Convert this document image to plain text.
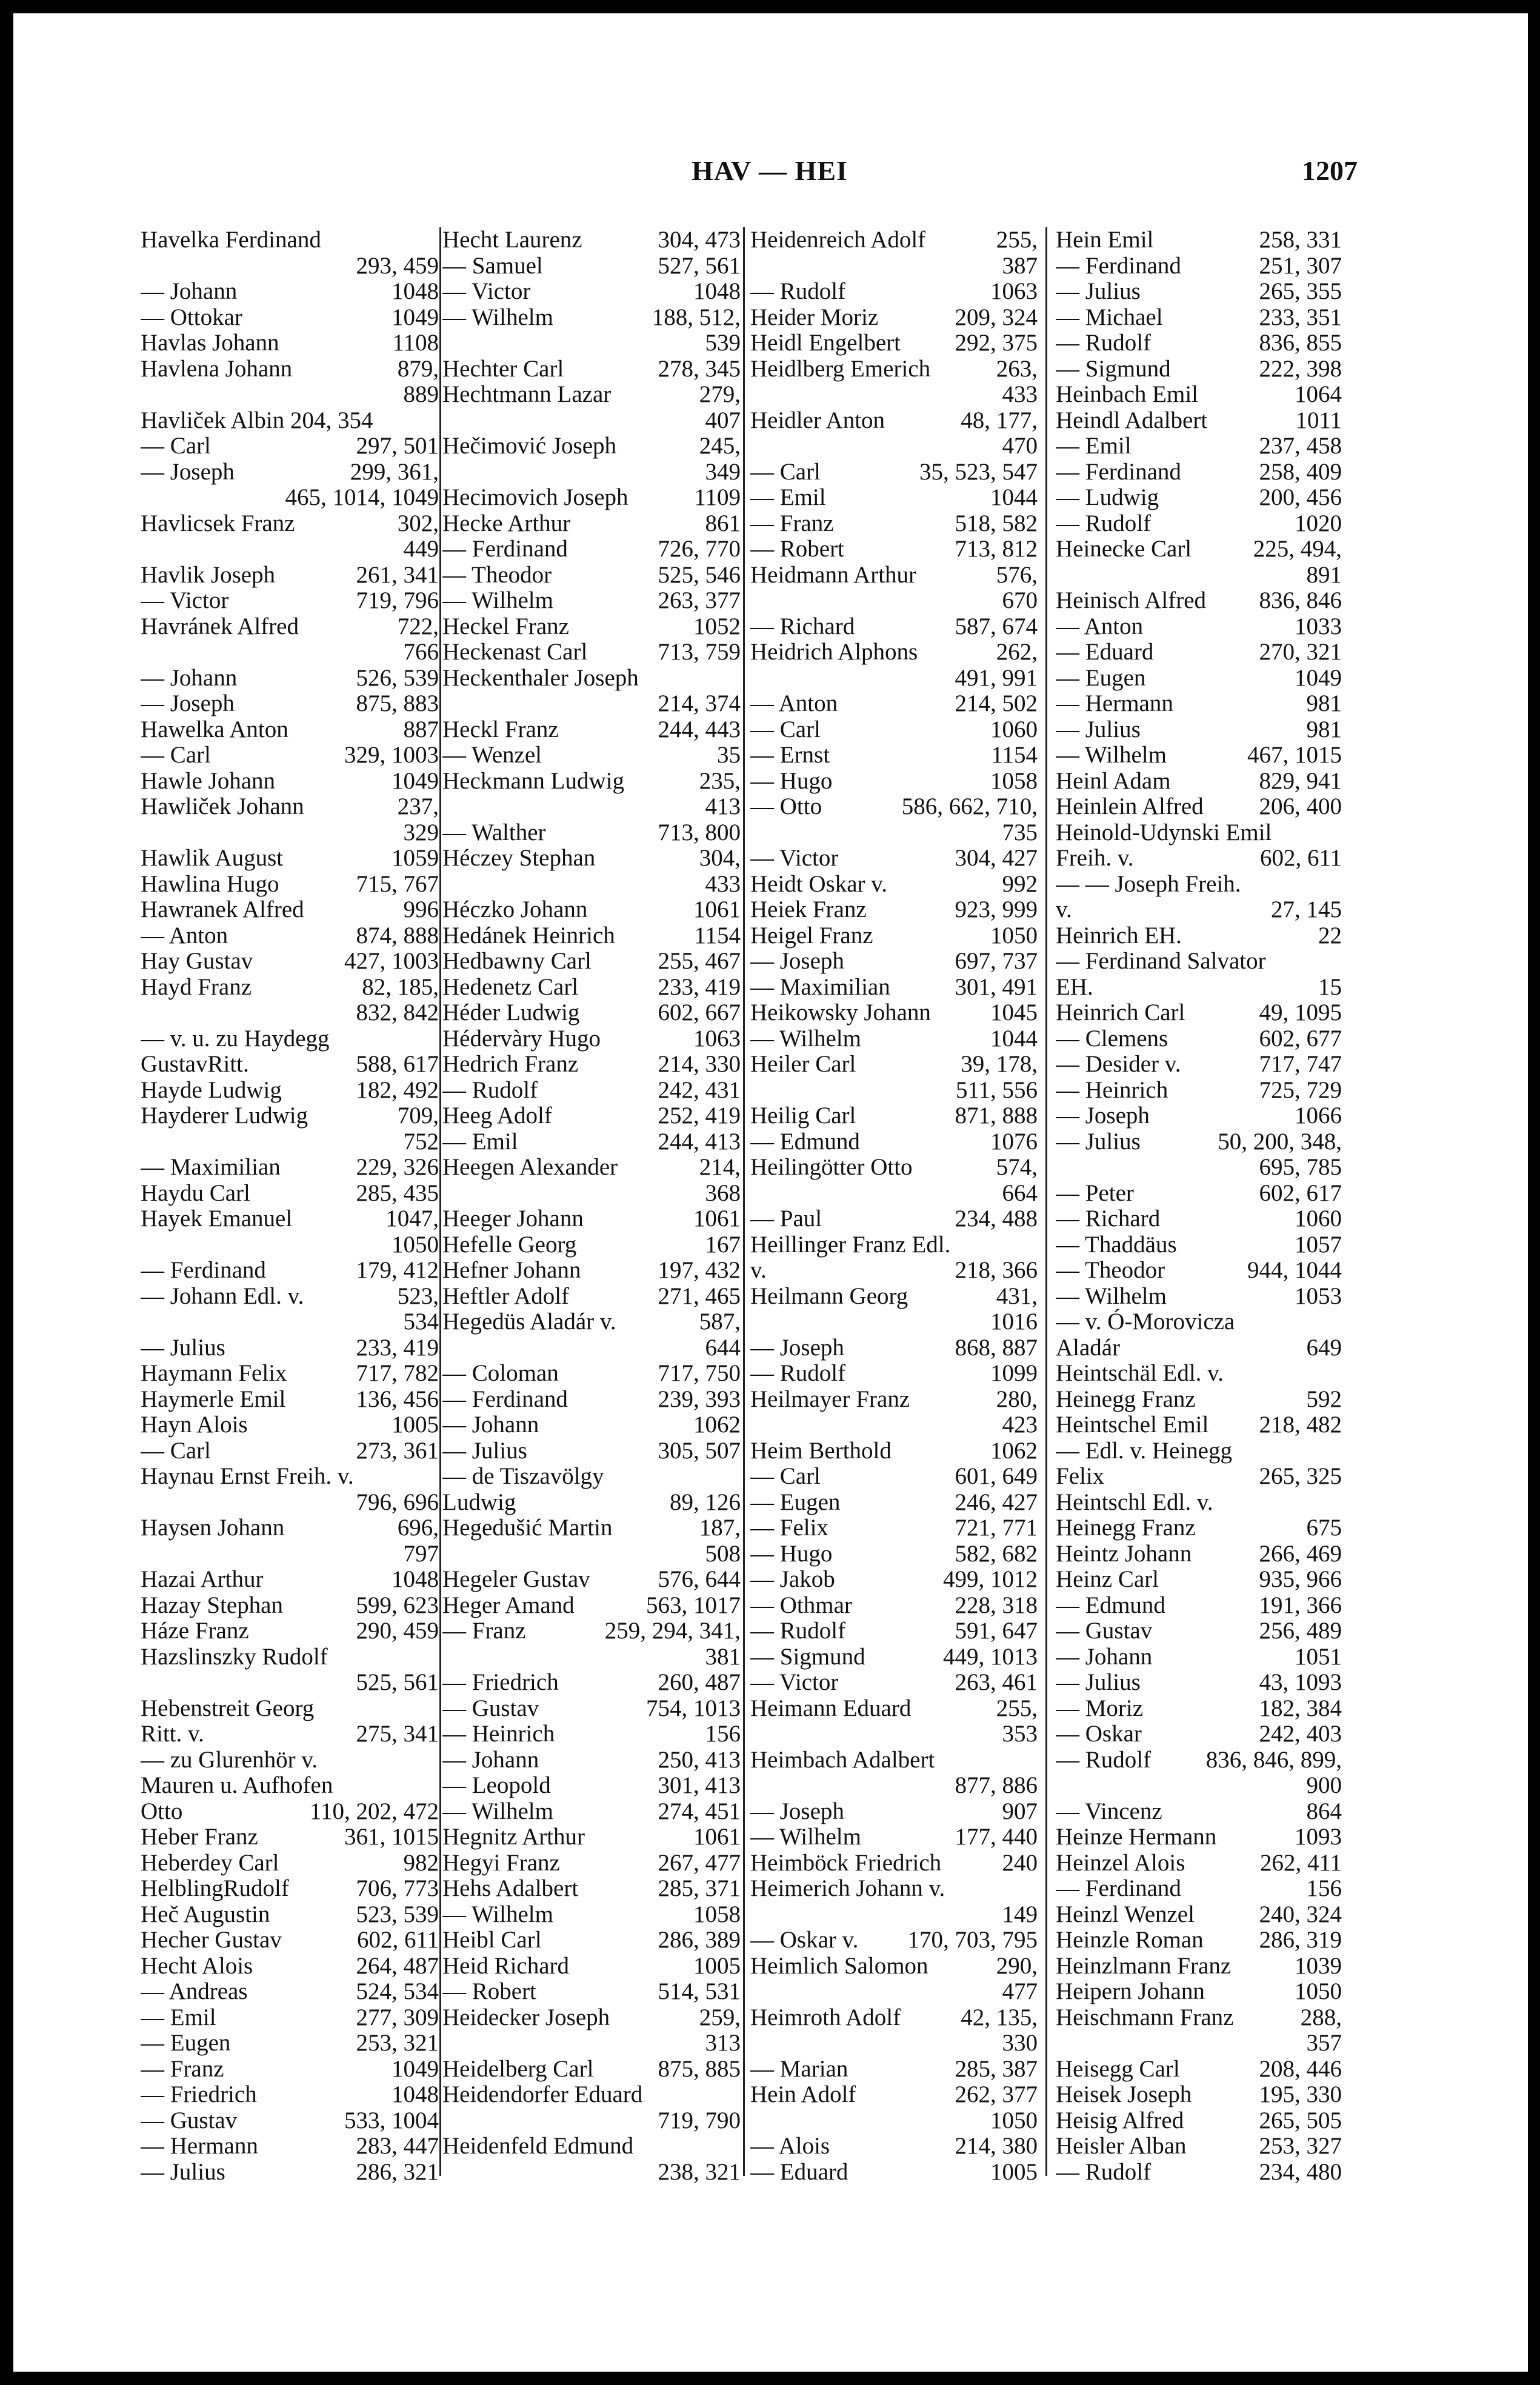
HAV — HEI	1207
Havelka Ferdinand
293, 459
— Johann	1048
— Ottokar	1049
Havlas Johann	1108
Havlena Johann	879,
889
Havliček Albin 204, 354
— Carl	297, 501
— Joseph	299, 361,
465, 1014, 1049
Havlicsek Franz	302,
449
Havlik Joseph	261, 341
— Victor	719, 796
Havránek Alfred	722,
766
— Johann	526, 539
— Joseph	875, 883
Hawelka Anton	887
— Carl	329, 1003
Hawle Johann	1049
Hawliček Johann	237,
329
Hawlik August	1059
Hawlina Hugo	715, 767
Hawranek Alfred	996
— Anton	874, 888
Hay Gustav	427, 1003
Hayd Franz	82, 185,
832, 842
— v. u. zu Haydegg
GustavRitt.	588, 617
Hayde Ludwig	182, 492
Hayderer Ludwig	709,
752
— Maximilian	229, 326
Haydu Carl	285, 435
Hayek Emanuel	1047,
1050
— Ferdinand	179, 412
— Johann Edl. v.	523,
534
— Julius	233, 419
Haymann Felix	717, 782
Haymerle Emil	136, 456
Hayn Alois	1005
— Carl	273, 361
Haynau Ernst Freih. v.
796, 696
Haysen Johann	696,
797
Hazai Arthur	1048
Hazay Stephan	599, 623
Háze Franz	290, 459
Hazslinszky Rudolf
525, 561
Hebenstreit Georg
Ritt. v.	275, 341
— zu Glurenhör v.
Mauren u. Aufhofen
Otto	110, 202, 472
Heber Franz	361, 1015
Heberdey Carl	982
HelblingRudolf	706, 773
Heč Augustin	523, 539
Hecher Gustav	602, 611
Hecht Alois	264, 487
— Andreas	524, 534
— Emil	277, 309
— Eugen	253, 321
— Franz	1049
— Friedrich	1048
— Gustav	533, 1004
— Hermann	283, 447
— Julius	286, 321
Hecht Laurenz	304, 473
— Samuel	527, 561
— Victor	1048
— Wilhelm	188, 512,
539
Hechter Carl	278, 345
Hechtmann Lazar	279,
407
Hečimović Joseph	245,
349
Hecimovich Joseph	1109
Hecke Arthur	861
— Ferdinand	726, 770
— Theodor	525, 546
— Wilhelm	263, 377
Heckel Franz	1052
Heckenast Carl	713, 759
Heckenthaler Joseph
214, 374
Heckl Franz	244, 443
— Wenzel	35
Heckmann Ludwig	235,
413
— Walther	713, 800
Héczey Stephan	304,
433
Héczko Johann	1061
Hedánek Heinrich	1154
Hedbawny Carl	255, 467
Hedenetz Carl	233, 419
Héder Ludwig	602, 667
Hédervàry Hugo	1063
Hedrich Franz	214, 330
— Rudolf	242, 431
Heeg Adolf	252, 419
— Emil	244, 413
Heegen Alexander	214,
368
Heeger Johann	1061
Hefelle Georg	167
Hefner Johann	197, 432
Heftler Adolf	271, 465
Hegedüs Aladár v.	587,
644
— Coloman	717, 750
— Ferdinand	239, 393
— Johann	1062
— Julius	305, 507
— de Tiszavölgy
Ludwig	89, 126
Hegedušić Martin	187,
508
Hegeler Gustav	576, 644
Heger Amand	563, 1017
— Franz	259, 294, 341,
381
— Friedrich	260, 487
— Gustav	754, 1013
— Heinrich	156
— Johann	250, 413
— Leopold	301, 413
— Wilhelm	274, 451
Hegnitz Arthur	1061
Hegyi Franz	267, 477
Hehs Adalbert	285, 371
— Wilhelm	1058
Heibl Carl	286, 389
Heid Richard	1005
— Robert	514, 531
Heidecker Joseph	259,
313
Heidelberg Carl	875, 885
Heidendorfer Eduard
719, 790
Heidenfeld Edmund
238, 321
Heidenreich Adolf	255,
387
— Rudolf	1063
Heider Moriz	209, 324
Heidl Engelbert 292, 375
Heidlberg Emerich	263,
433
Heidler Anton	48, 177,
470
— Carl	35, 523, 547
— Emil	1044
— Franz	518, 582
— Robert	713, 812
Heidmann Arthur	576,
670
— Richard	587, 674
Heidrich Alphons	262,
491, 991
— Anton	214, 502
— Carl	1060
— Ernst	1154
— Hugo	1058
— Otto	586, 662, 710,
735
— Victor	304, 427
Heidt Oskar v.	992
Heiek Franz	923, 999
Heigel Franz	1050
— Joseph	697, 737
— Maximilian	301, 491
Heikowsky Johann	1045
— Wilhelm	1044
Heiler Carl	39, 178,
511, 556
Heilig Carl	871, 888
— Edmund	1076
Heilingötter Otto	574,
664
— Paul	234, 488
Heillinger Franz Edl.
v.	218, 366
Heilmann Georg	431,
1016
— Joseph	868, 887
— Rudolf	1099
Heilmayer Franz	280,
423
Heim Berthold	1062
— Carl	601, 649
— Eugen	246, 427
— Felix	721, 771
— Hugo	582, 682
— Jakob	499, 1012
— Othmar	228, 318
— Rudolf	591, 647
— Sigmund	449, 1013
— Victor	263, 461
Heimann Eduard	255,
353
Heimbach Adalbert
877, 886
— Joseph	907
— Wilhelm	177, 440
Heimböck Friedrich	240
Heimerich Johann v.
149
— Oskar v. 170, 703, 795
Heimlich Salomon	290,
477
Heimroth Adolf	42, 135,
330
— Marian	285, 387
Hein Adolf	262, 377
1050
— Alois	214, 380
— Eduard	1005
Hein Emil	258, 331
— Ferdinand	251, 307
— Julius	265, 355
— Michael	233, 351
— Rudolf	836, 855
— Sigmund	222, 398
Heinbach Emil	1064
Heindl Adalbert	1011
— Emil	237, 458
— Ferdinand	258, 409
— Ludwig	200, 456
— Rudolf	1020
Heinecke Carl	225, 494,
891
Heinisch Alfred 836, 846
— Anton	1033
— Eduard	270, 321
— Eugen	1049
— Hermann	981
— Julius	981
— Wilhelm	467, 1015
Heinl Adam	829, 941
Heinlein Alfred 206, 400
Heinold-Udynski Emil
Freih. v.	602, 611
— — Joseph Freih.
v.	27, 145
Heinrich EH.	22
— Ferdinand Salvator
EH.	15
Heinrich Carl	49, 1095
— Clemens	602, 677
— Desider v.	717, 747
— Heinrich	725, 729
— Joseph	1066
— Julius	50, 200, 348,
695, 785
— Peter	602, 617
— Richard	1060
— Thaddäus	1057
— Theodor	944, 1044
— Wilhelm	1053
— v. Ó-Morovicza
Aladár	649
Heintschäl Edl. v.
Heinegg Franz	592
Heintschel Emil 218, 482
— Edl. v. Heinegg
Felix	265, 325
Heintschl Edl. v.
Heinegg Franz	675
Heintz Johann	266, 469
Heinz Carl	935, 966
— Edmund	191, 366
— Gustav	256, 489
— Johann	1051
— Julius	43, 1093
— Moriz	182, 384
— Oskar	242, 403
— Rudolf 836, 846, 899,
900
— Vincenz	864
Heinze Hermann	1093
Heinzel Alois	262, 411
— Ferdinand	156
Heinzl Wenzel	240, 324
Heinzle Roman 286, 319
Heinzlmann Franz	1039
Heipern Johann	1050
Heischmann Franz	288,
357
Heisegg Carl	208, 446
Heisek Joseph	195, 330
Heisig Alfred	265, 505
Heisler Alban	253, 327
— Rudolf	234, 480
